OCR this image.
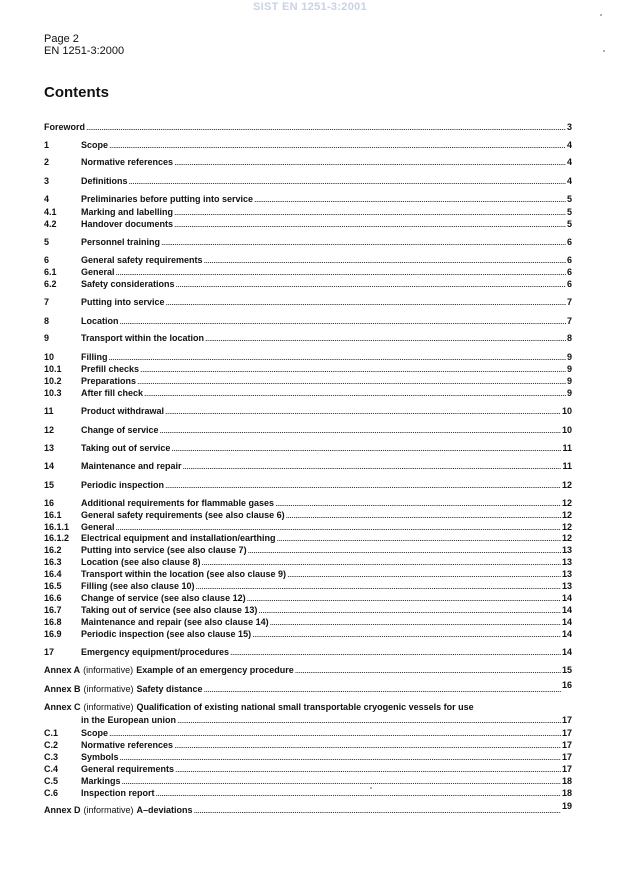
SIST EN 1251-3:2001
Page 2
EN 1251-3:2000
Contents
Foreword .....	3
1	Scope .....	4
2	Normative references .....	4
3	Definitions .....	4
4	Preliminaries before putting into service .....	5
4.1	Marking and labelling .....	5
4.2	Handover documents .....	5
5	Personnel training .....	6
6	General safety requirements .....	6
6.1	General .....	6
6.2	Safety considerations .....	6
7	Putting into service .....	7
8	Location .....	7
9	Transport within the location .....	8
10	Filling .....	9
10.1 Prefill checks .....	9
10.2 Preparations .....	9
10.3 After fill check .....	9
11	Product withdrawal .....	10
12	Change of service .....	10
13	Taking out of service .....	11
14	Maintenance and repair .....	11
15	Periodic inspection .....	12
16	Additional requirements for flammable gases .....	12
16.1 General safety requirements (see also clause 6) .....	12
16.1.1 General .....	12
16.1.2 Electrical equipment and installation/earthing .....	12
16.2 Putting into service (see also clause 7) .....	13
16.3 Location (see also clause 8) .....	13
16.4 Transport within the location (see also clause 9) .....	13
16.5 Filling (see also clause 10) .....	13
16.6 Change of service (see also clause 12) .....	14
16.7 Taking out of service (see also clause 13) .....	14
16.8 Maintenance and repair (see also clause 14) .....	14
16.9 Periodic inspection (see also clause 15) .....	14
17	Emergency equipment/procedures .....	14
Annex A (informative) Example of an emergency procedure .....	15
Annex B (informative) Safety distance .....	16
Annex C (informative) Qualification of existing national small transportable cryogenic vessels for use
in the European union .....	17
C.1	Scope .....	17
C.2	Normative references .....	17
C.3	Symbols .....	17
C.4	General requirements .....	17
C.5	Markings .....	18
C.6	Inspection report .....	18
Annex D (informative) A–deviations .....	19
